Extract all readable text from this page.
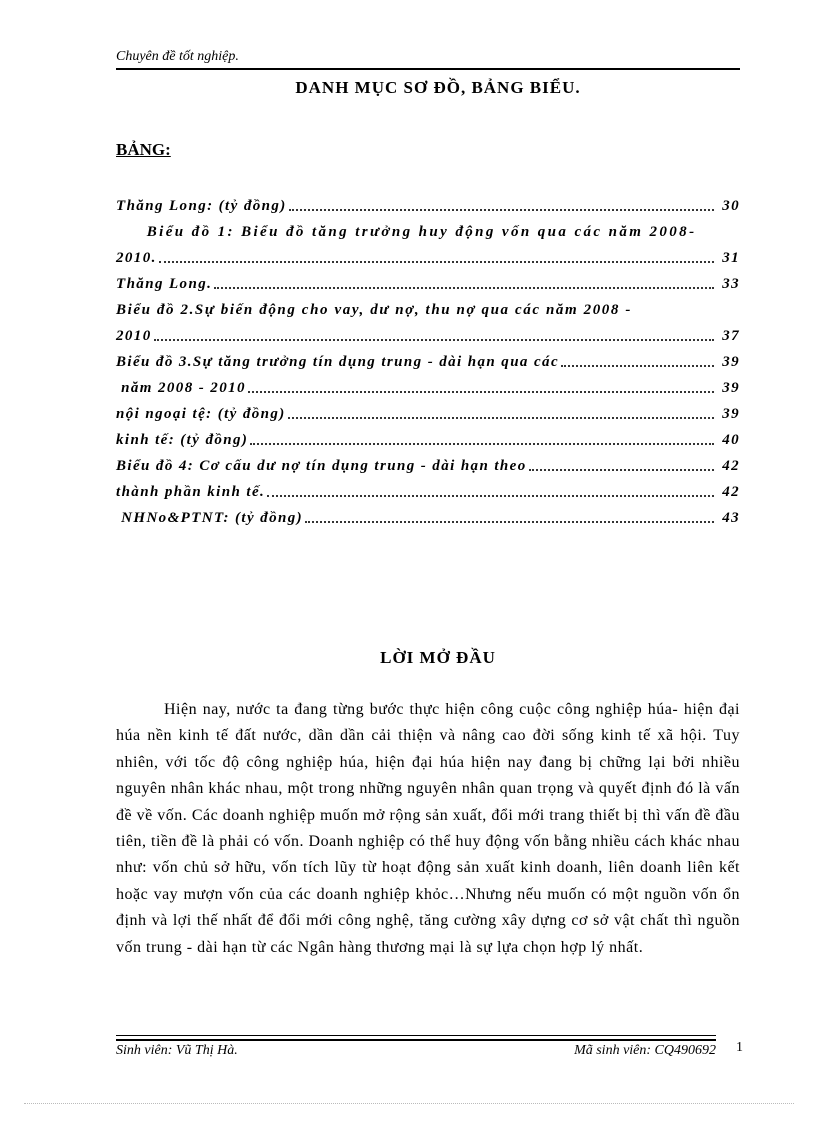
Chuyên đề tốt nghiệp.
DANH MỤC SƠ ĐỒ, BẢNG BIỂU.
BẢNG:
Thăng Long: (tỷ đồng)	30
Biểu đồ 1: Biểu đồ tăng trưởng huy động vốn qua các năm 2008-
2010.	31
Thăng Long.	33
Biểu đồ 2.Sự biến động cho vay, dư nợ, thu nợ qua các năm 2008 -
2010	37
Biểu đồ 3.Sự tăng trưởng tín dụng trung - dài hạn qua các	39
năm 2008 - 2010	39
nội ngoại tệ: (tỷ đồng)	39
kinh tế: (tỷ đồng)	40
Biểu đồ 4: Cơ cấu dư nợ tín dụng trung - dài hạn theo	42
thành phần kinh tế.	42
NHNo&PTNT: (tỷ đồng)	43
LỜI MỞ ĐẦU
Hiện nay, nước ta đang từng bước thực hiện công cuộc công nghiệp húa- hiện đại húa nền kinh tế đất nước, dần dần cải thiện và nâng cao đời sống kinh tế xã hội. Tuy nhiên, với tốc độ công nghiệp húa, hiện đại húa hiện nay đang bị chững lại bởi nhiều nguyên nhân khác nhau, một trong những nguyên nhân quan trọng và quyết định đó là vấn đề về vốn. Các doanh nghiệp muốn mở rộng sản xuất, đổi mới trang thiết bị thì vấn đề đầu tiên, tiền đề là phải có vốn. Doanh nghiệp có thể huy động vốn bằng nhiều cách khác nhau như: vốn chủ sở hữu, vốn tích lũy từ hoạt động sản xuất kinh doanh, liên doanh liên kết hoặc vay mượn vốn của các doanh nghiệp khỏc…Nhưng nếu muốn có một nguồn vốn ổn định và lợi thế nhất để đổi mới công nghệ, tăng cường xây dựng cơ sở vật chất thì nguồn vốn trung - dài hạn từ các Ngân hàng thương mại là sự lựa chọn hợp lý nhất.
Sinh viên: Vũ Thị Hà.	Mã sinh viên: CQ490692 1
